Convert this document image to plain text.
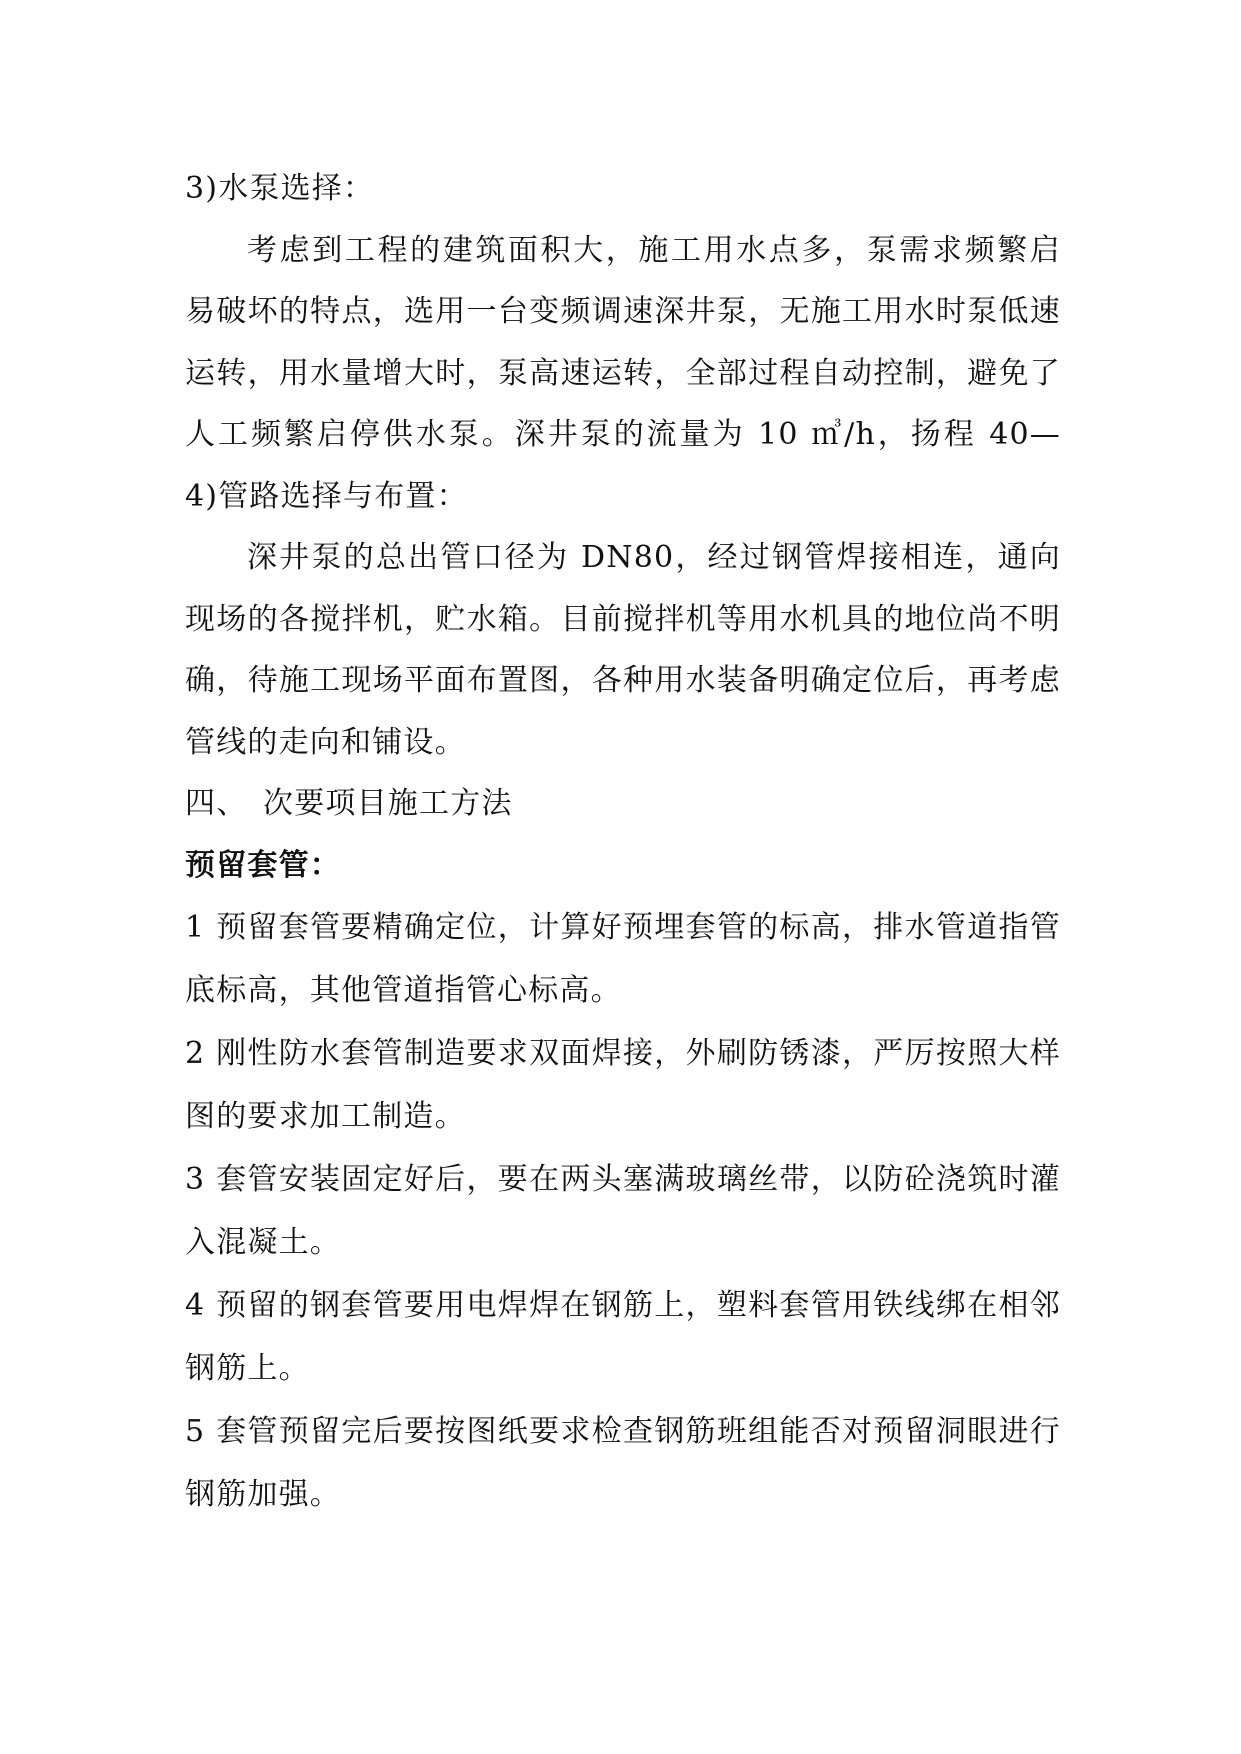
3)水泵选择：
考虑到工程的建筑面积大，施工用水点多，泵需求频繁启
易破坏的特点，选用一台变频调速深井泵，无施工用水时泵低速
运转，用水量增大时，泵高速运转，全部过程自动控制，避免了
人工频繁启停供水泵。深井泵的流量为 10 ㎥/h，扬程 40—
4)管路选择与布置：
深井泵的总出管口径为 DN80，经过钢管焊接相连，通向
现场的各搅拌机，贮水箱。目前搅拌机等用水机具的地位尚不明
确，待施工现场平面布置图，各种用水装备明确定位后，再考虑
管线的走向和铺设。
四、 次要项目施工方法
预留套管：
1 预留套管要精确定位，计算好预埋套管的标高，排水管道指管
底标高，其他管道指管心标高。
2 刚性防水套管制造要求双面焊接，外刷防锈漆，严厉按照大样
图的要求加工制造。
3 套管安装固定好后，要在两头塞满玻璃丝带，以防砼浇筑时灌
入混凝土。
4 预留的钢套管要用电焊焊在钢筋上，塑料套管用铁线绑在相邻
钢筋上。
5 套管预留完后要按图纸要求检查钢筋班组能否对预留洞眼进行
钢筋加强。
